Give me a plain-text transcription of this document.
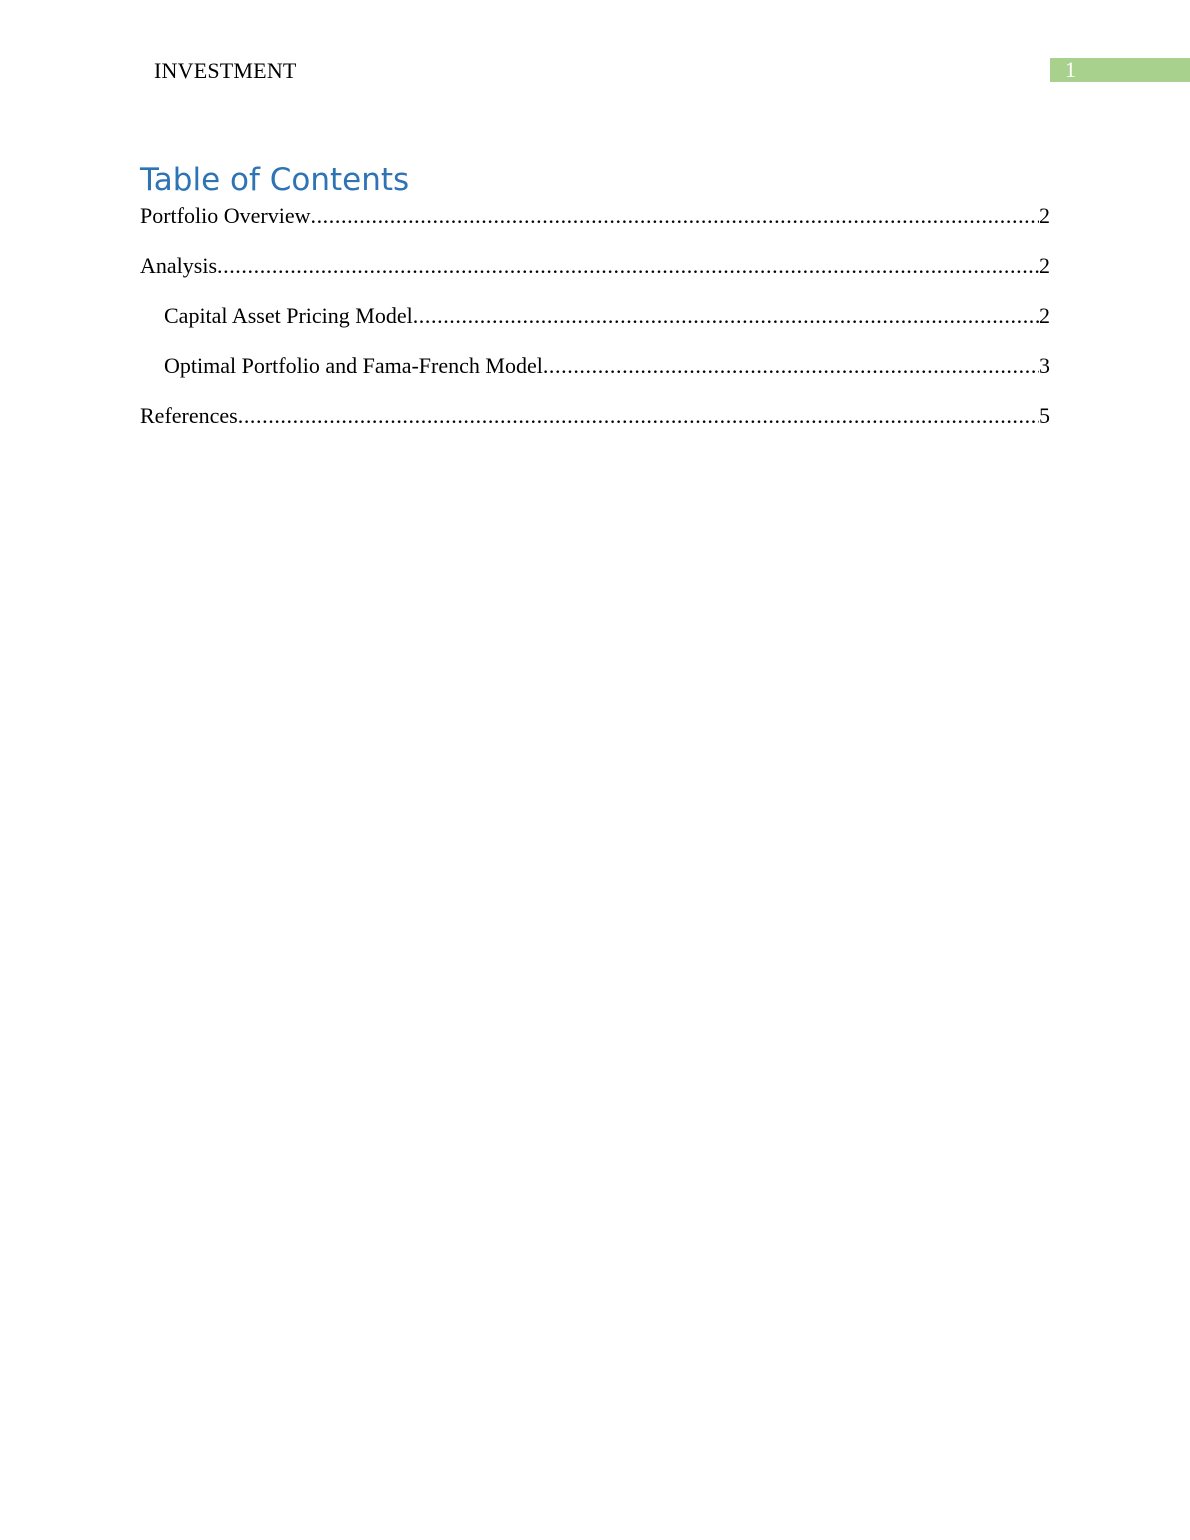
INVESTMENT	1
Table of Contents
Portfolio Overview .....	2
Analysis .....	2
Capital Asset Pricing Model .....	2
Optimal Portfolio and Fama-French Model .....	3
References .....	5
